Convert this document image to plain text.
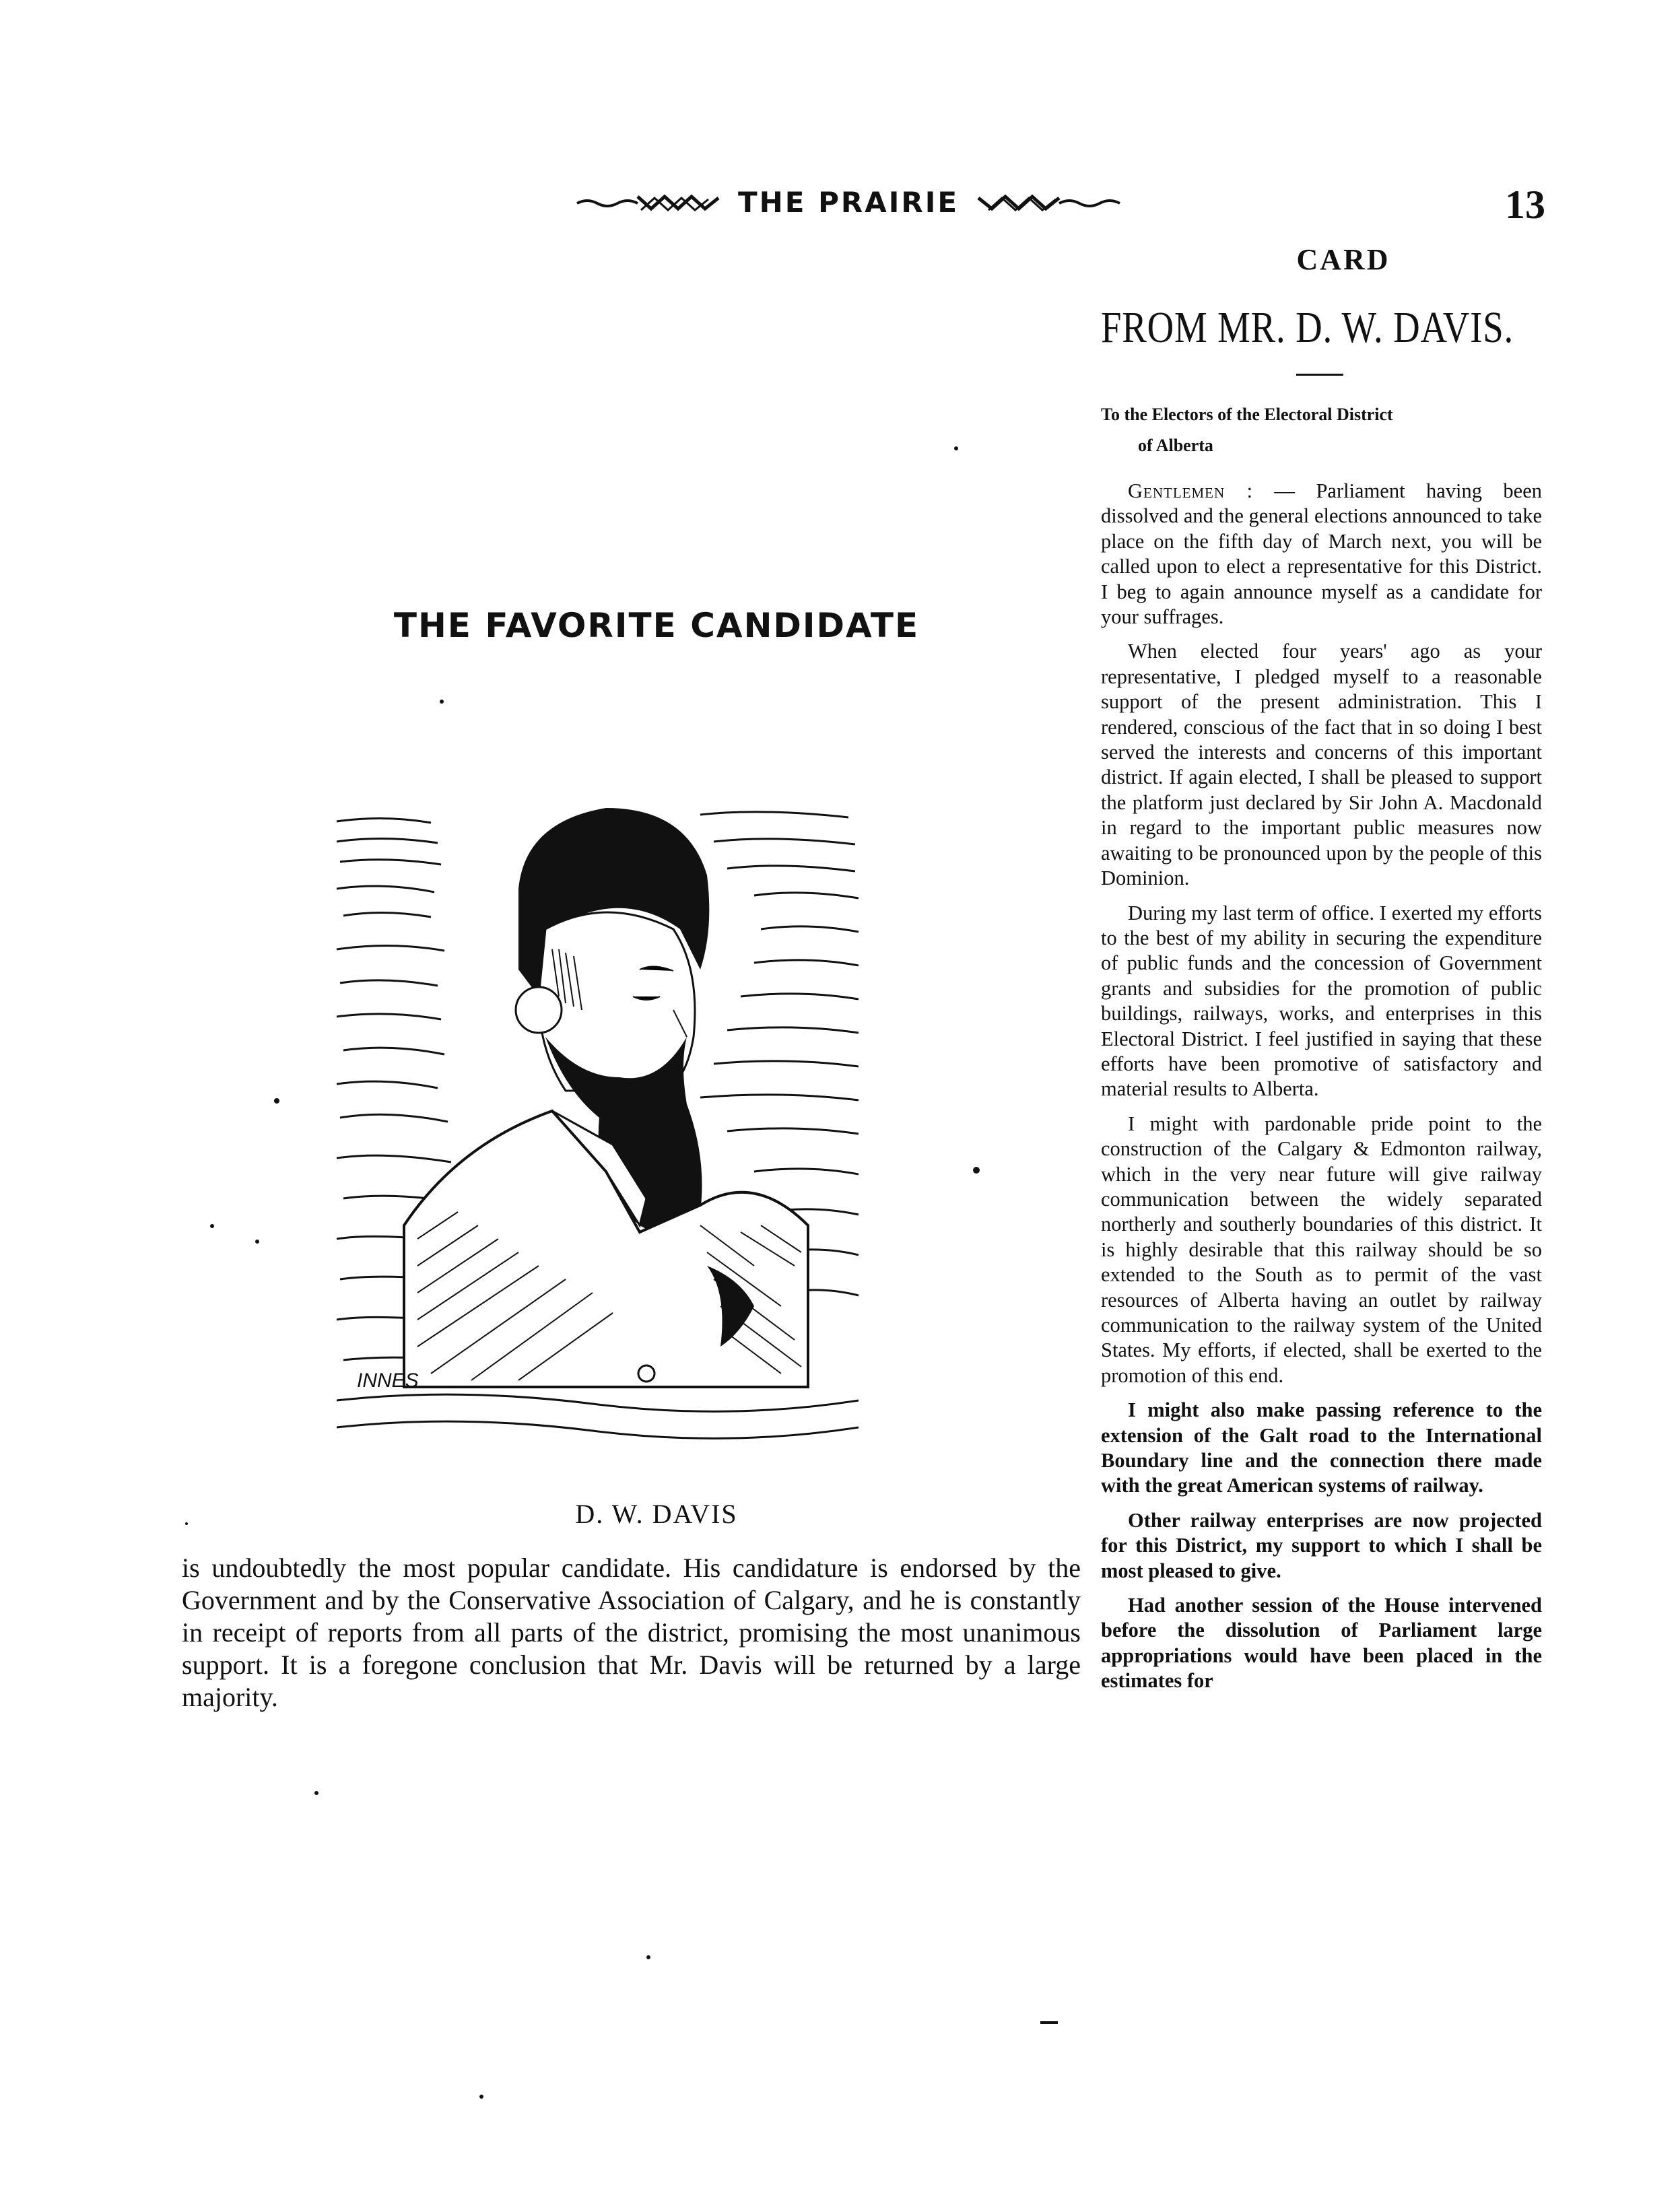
THE PRAIRIE	13
THE FAVORITE CANDIDATE
INNES
D. W. DAVIS

is undoubtedly the most popular candidate. His candidature is endorsed by the Government and by the Conservative Association of Calgary, and he is constantly in receipt of reports from all parts of the district, promising the most unanimous support. It is a foregone conclusion that Mr. Davis will be returned by a large majority.

CARD
FROM MR. D. W. DAVIS.
To the Electors of the Electoral District
of Alberta

Gentlemen : — Parliament having been dissolved and the general elections announced to take place on the fifth day of March next, you will be called upon to elect a representative for this District. I beg to again announce myself as a candidate for your suffrages.

When elected four years' ago as your representative, I pledged myself to a reasonable support of the present administration. This I rendered, conscious of the fact that in so doing I best served the interests and concerns of this important district. If again elected, I shall be pleased to support the platform just declared by Sir John A. Macdonald in regard to the important public measures now awaiting to be pronounced upon by the people of this Dominion.

During my last term of office. I exerted my efforts to the best of my ability in securing the expenditure of public funds and the concession of Government grants and subsidies for the promotion of public buildings, railways, works, and enterprises in this Electoral District. I feel justified in saying that these efforts have been promotive of satisfactory and material results to Alberta.

I might with pardonable pride point to the construction of the Calgary & Edmonton railway, which in the very near future will give railway communication between the widely separated northerly and southerly boundaries of this district. It is highly desirable that this railway should be so extended to the South as to permit of the vast resources of Alberta having an outlet by railway communication to the railway system of the United States. My efforts, if elected, shall be exerted to the promotion of this end.

I might also make passing reference to the extension of the Galt road to the International Boundary line and the connection there made with the great American systems of railway.

Other railway enterprises are now projected for this District, my support to which I shall be most pleased to give.

Had another session of the House intervened before the dissolution of Parliament large appropriations would have been placed in the estimates for
